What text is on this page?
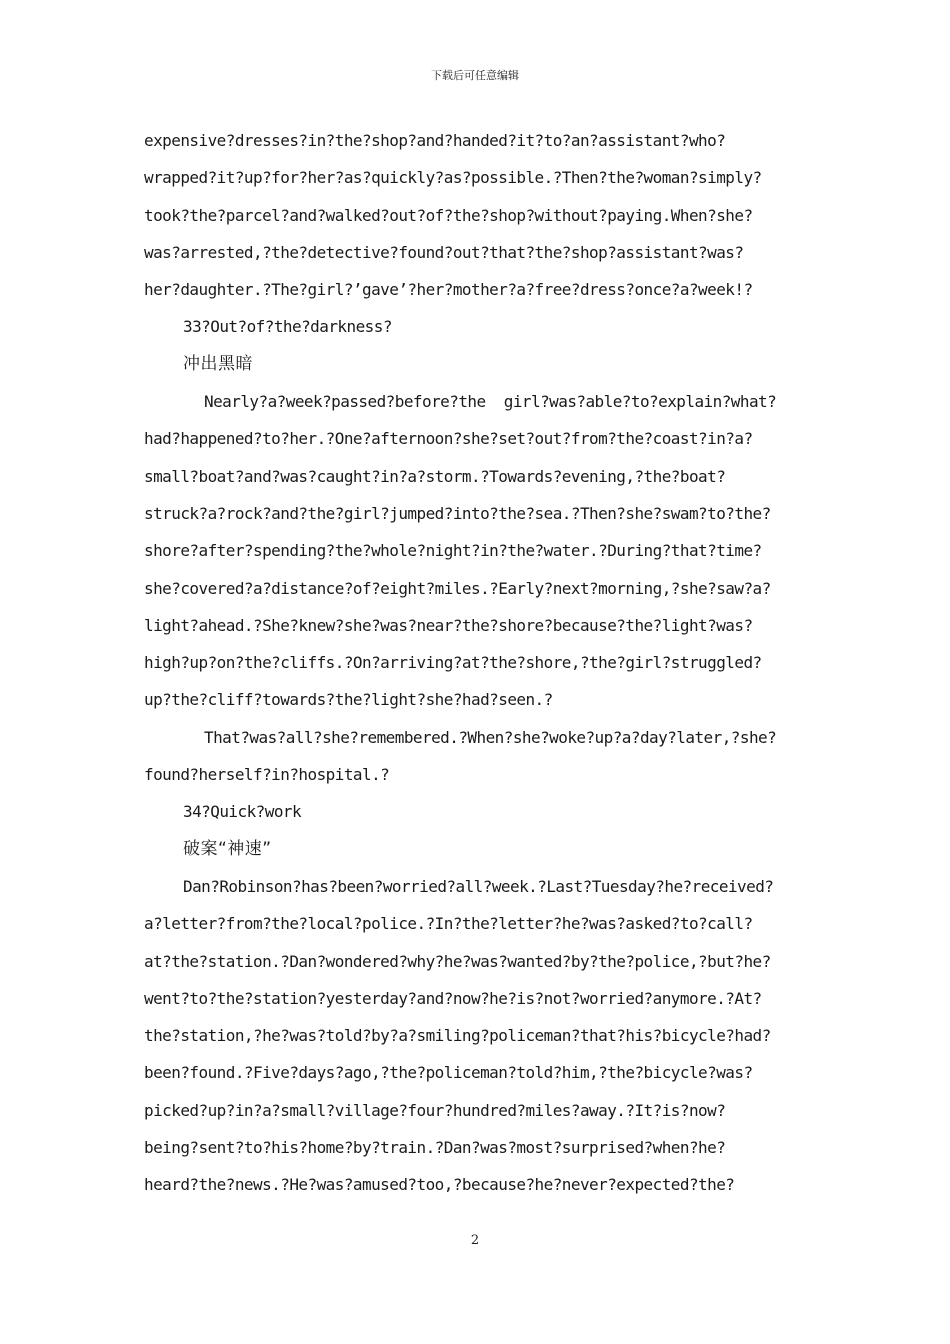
下载后可任意编辑
expensive?dresses?in?the?shop?and?handed?it?to?an?assistant?who?
wrapped?it?up?for?her?as?quickly?as?possible.?Then?the?woman?simply?
took?the?parcel?and?walked?out?of?the?shop?without?paying.When?she?
was?arrested,?the?detective?found?out?that?the?shop?assistant?was?
her?daughter.?The?girl?’gave’?her?mother?a?free?dress?once?a?week!?
33?Out?of?the?darkness?
冲出黑暗
Nearly?a?week?passed?before?the  girl?was?able?to?explain?what?
had?happened?to?her.?One?afternoon?she?set?out?from?the?coast?in?a?
small?boat?and?was?caught?in?a?storm.?Towards?evening,?the?boat?
struck?a?rock?and?the?girl?jumped?into?the?sea.?Then?she?swam?to?the?
shore?after?spending?the?whole?night?in?the?water.?During?that?time?
she?covered?a?distance?of?eight?miles.?Early?next?morning,?she?saw?a?
light?ahead.?She?knew?she?was?near?the?shore?because?the?light?was?
high?up?on?the?cliffs.?On?arriving?at?the?shore,?the?girl?struggled?
up?the?cliff?towards?the?light?she?had?seen.?
That?was?all?she?remembered.?When?she?woke?up?a?day?later,?she?
found?herself?in?hospital.?
34?Quick?work
破案“神速”
Dan?Robinson?has?been?worried?all?week.?Last?Tuesday?he?received?
a?letter?from?the?local?police.?In?the?letter?he?was?asked?to?call?
at?the?station.?Dan?wondered?why?he?was?wanted?by?the?police,?but?he?
went?to?the?station?yesterday?and?now?he?is?not?worried?anymore.?At?
the?station,?he?was?told?by?a?smiling?policeman?that?his?bicycle?had?
been?found.?Five?days?ago,?the?policeman?told?him,?the?bicycle?was?
picked?up?in?a?small?village?four?hundred?miles?away.?It?is?now?
being?sent?to?his?home?by?train.?Dan?was?most?surprised?when?he?
heard?the?news.?He?was?amused?too,?because?he?never?expected?the?
2
